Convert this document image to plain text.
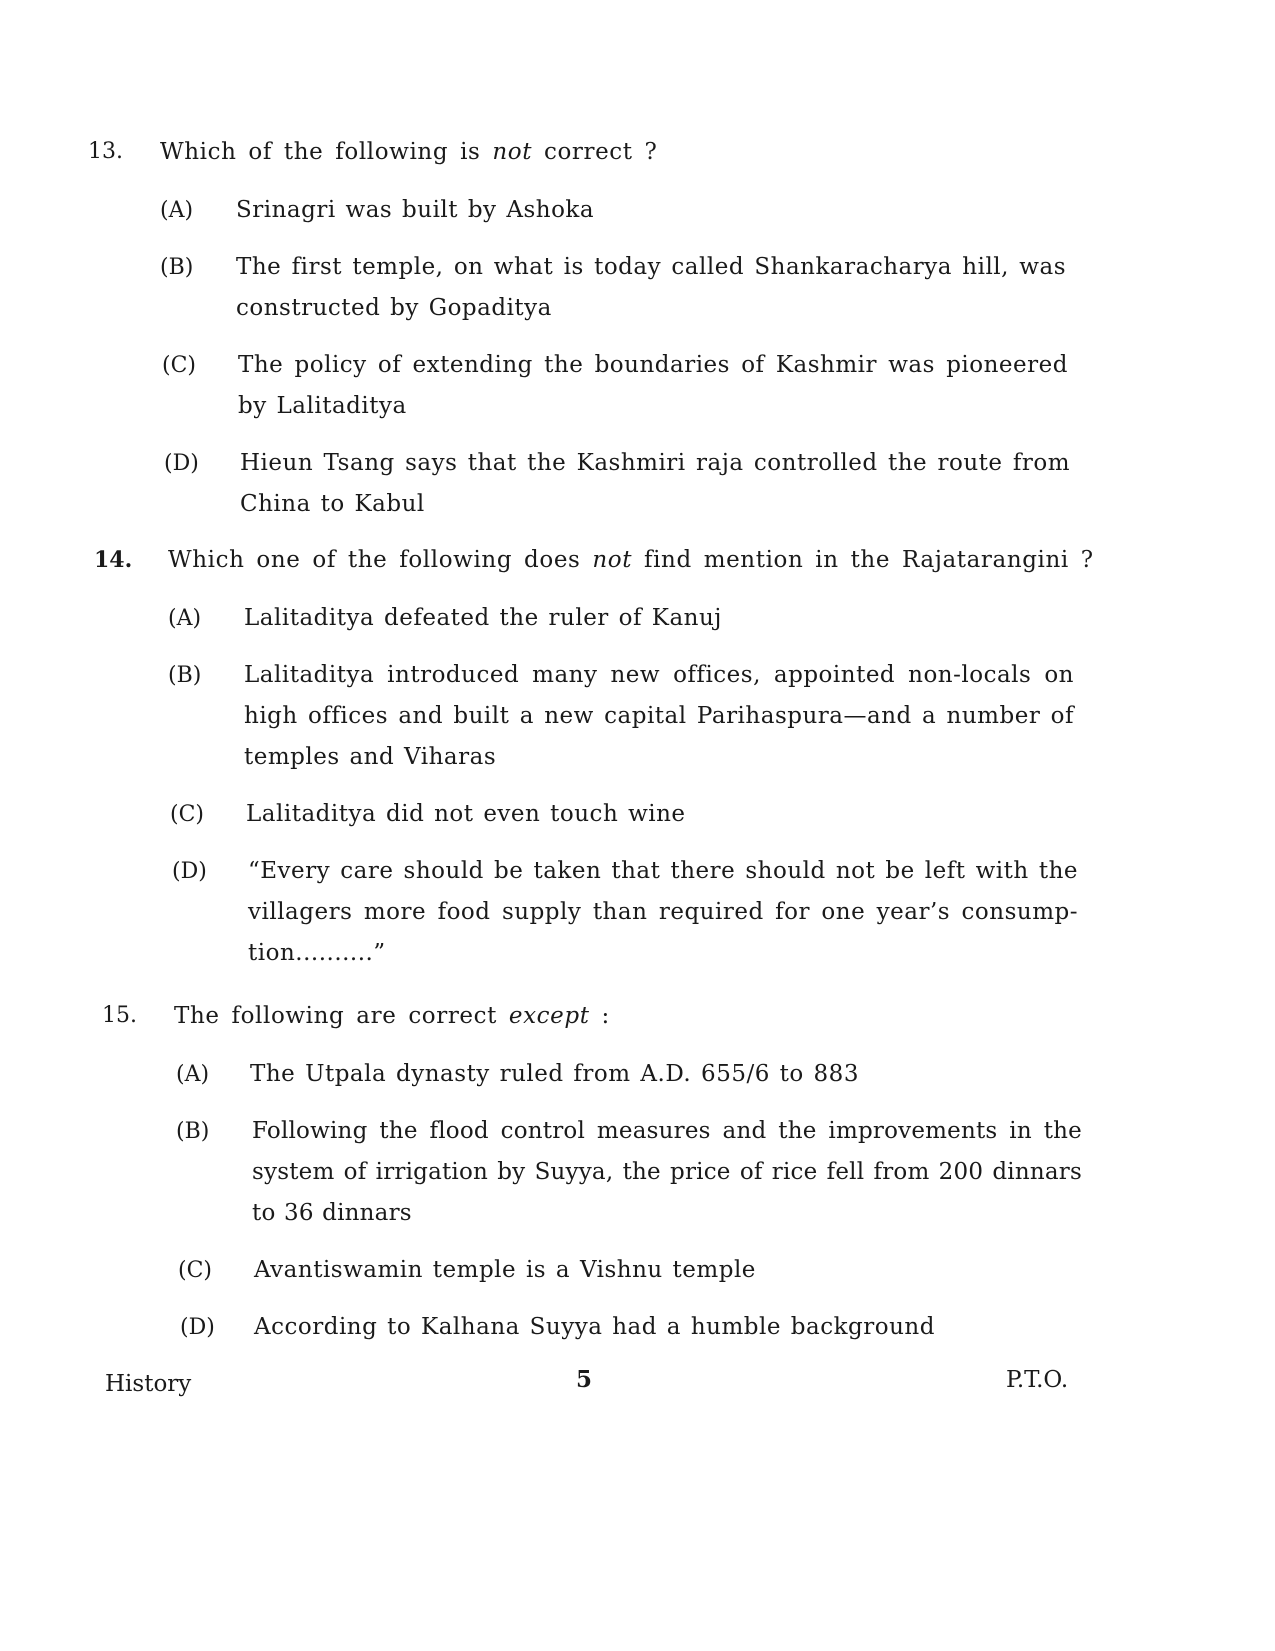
13.	Which of the following is not correct ?
(A)	Srinagri was built by Ashoka
(B)	The first temple, on what is today called Shankaracharya hill, was constructed by Gopaditya
(C)	The policy of extending the boundaries of Kashmir was pioneered by Lalitaditya
(D)	Hieun Tsang says that the Kashmiri raja controlled the route from China to Kabul
14.	Which one of the following does not find mention in the Rajatarangini ?
(A)	Lalitaditya defeated the ruler of Kanuj
(B)	Lalitaditya introduced many new offices, appointed non-locals on high offices and built a new capital Parihaspura—and a number of temples and Viharas
(C)	Lalitaditya did not even touch wine
(D)	“Every care should be taken that there should not be left with the villagers more food supply than required for one year’s consump-tion..........”
15.	The following are correct except :
(A)	The Utpala dynasty ruled from A.D. 655/6 to 883
(B)	Following the flood control measures and the improvements in the system of irrigation by Suyya, the price of rice fell from 200 dinnars to 36 dinnars
(C)	Avantiswamin temple is a Vishnu temple
(D)	According to Kalhana Suyya had a humble background
History	5	P.T.O.
